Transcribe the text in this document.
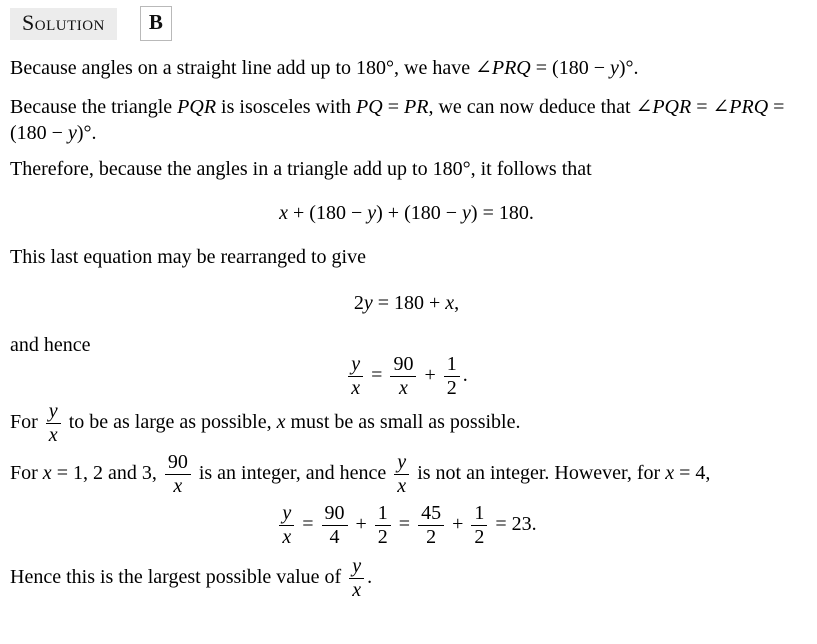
Solution	B

Because angles on a straight line add up to 180°, we have ∠PRQ = (180 − y)°.

Because the triangle PQR is isosceles with PQ = PR, we can now deduce that ∠PQR = ∠PRQ =
(180 − y)°.

Therefore, because the angles in a triangle add up to 180°, it follows that

x + (180 − y) + (180 − y) = 180.

This last equation may be rearranged to give

2y = 180 + x,

and hence

$\frac{y}{x} = \frac{90}{x} + \frac{1}{2}$ .

For $\frac{y}{x}$ to be as large as possible, x must be as small as possible.

For x = 1, 2 and 3, $\frac{90}{x}$ is an integer, and hence $\frac{y}{x}$ is not an integer. However, for x = 4,

$\frac{y}{x} = \frac{90}{4} + \frac{1}{2} = \frac{45}{2} + \frac{1}{2} = 23$.

Hence this is the largest possible value of $\frac{y}{x}$ .
